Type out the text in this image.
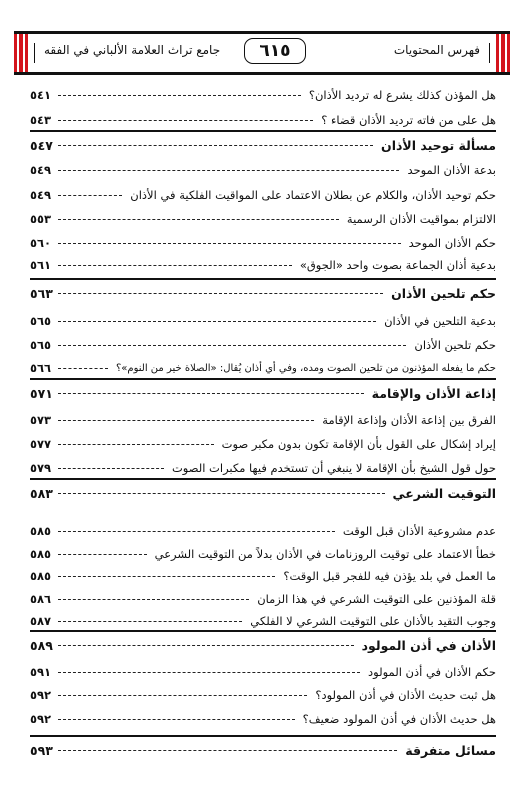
جامع تراث العلامة الألباني في الفقه	٦١٥	فهرس المحتويات
هل المؤذن كذلك يشرع له ترديد الأذان؟
٥٤١
هل على من فاته ترديد الأذان قضاء ؟
٥٤٣
مسألة توحيد الأذان
٥٤٧
بدعة الأذان الموحد
٥٤٩
حكم توحيد الأذان، والكلام عن بطلان الاعتماد على المواقيت الفلكية في الأذان
٥٤٩
الالتزام بمواقيت الأذان الرسمية
٥٥٣
حكم الأذان الموحد
٥٦٠
بدعية أذان الجماعة بصوت واحد «الجوق»
٥٦١
حكم تلحين الأذان
٥٦٣
بدعية التلحين في الأذان
٥٦٥
حكم تلحين الأذان
٥٦٥
حكم ما يفعله المؤذنون من تلحين الصوت ومده، وفي أي أذان يُقال: «الصلاة خير من النوم»؟
٥٦٦
إذاعة الأذان والإقامة
٥٧١
الفرق بين إذاعة الأذان وإذاعة الإقامة
٥٧٣
إيراد إشكال على القول بأن الإقامة تكون بدون مكبر صوت
٥٧٧
حول قول الشيخ بأن الإقامة لا ينبغي أن تستخدم فيها مكبرات الصوت
٥٧٩
التوقيت الشرعي
٥٨٣
عدم مشروعية الأذان قبل الوقت
٥٨٥
خطأ الاعتماد على توقيت الروزنامات في الأذان بدلاً من التوقيت الشرعي
٥٨٥
ما العمل في بلد يؤذن فيه للفجر قبل الوقت؟
٥٨٥
قلة المؤذنين على التوقيت الشرعي في هذا الزمان
٥٨٦
وجوب التقيد بالأذان على التوقيت الشرعي لا الفلكي
٥٨٧
الأذان في أذن المولود
٥٨٩
حكم الأذان في أذن المولود
٥٩١
هل ثبت حديث الأذان في أذن المولود؟
٥٩٢
هل حديث الأذان في أذن المولود ضعيف؟
٥٩٢
مسائل متفرقة
٥٩٣
